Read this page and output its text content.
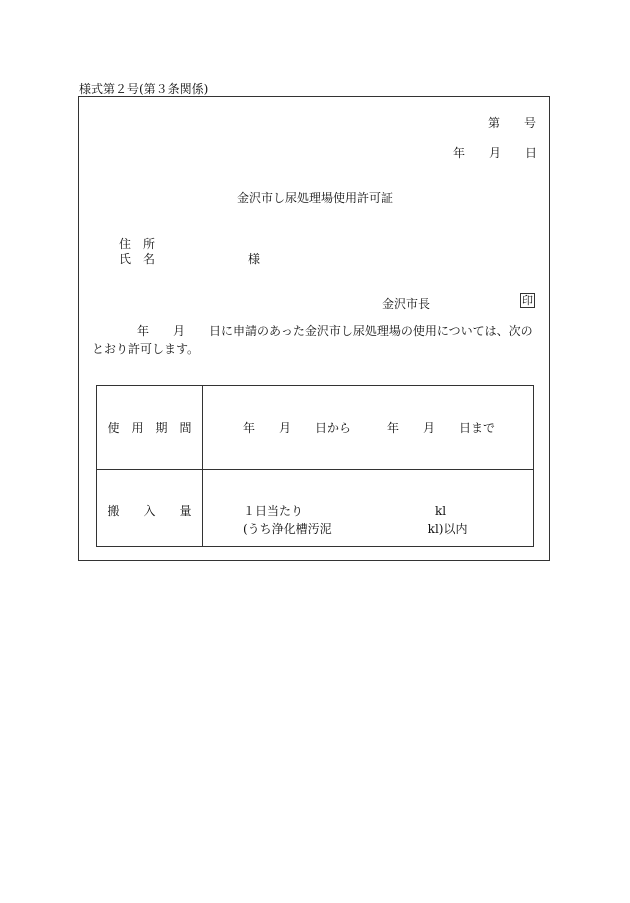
様式第２号(第３条関係)
第　　号
年　　月　　日
金沢市し尿処理場使用許可証
住　所
氏　名	様
金沢市長	印
年　　月　　日に申請のあった金沢市し尿処理場の使用については、次のとおり許可します。
使　用　期　間	年　　月　　日から　　　年　　月　　日まで
搬　　入　　量	１日当たり　　　　　　　　　　　kl
(うち浄化槽汚泥　　　　　　　　kl)以内
